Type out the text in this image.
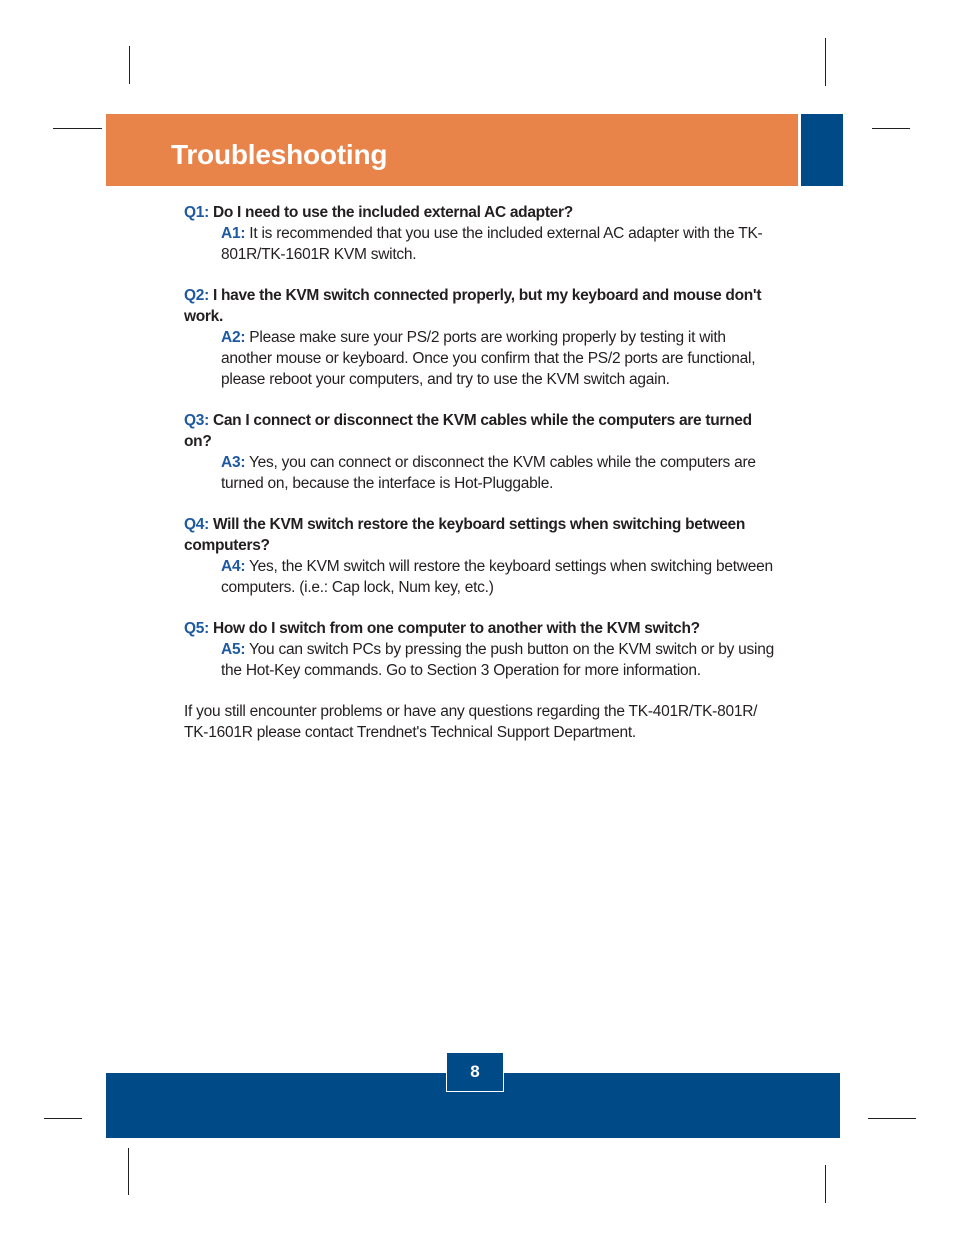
Troubleshooting
Q1: Do I need to use the included external AC adapter?
A1: It is recommended that you use the included external AC adapter with the TK-801R/TK-1601R KVM switch.
Q2: I have the KVM switch connected properly, but my keyboard and mouse don't work.
A2: Please make sure your PS/2 ports are working properly by testing it with another mouse or keyboard. Once you confirm that the PS/2 ports are functional, please reboot your computers, and try to use the KVM switch again.
Q3: Can I connect or disconnect the KVM cables while the computers are turned on?
A3: Yes, you can connect or disconnect the KVM cables while the computers are turned on, because the interface is Hot-Pluggable.
Q4: Will the KVM switch restore the keyboard settings when switching between computers?
A4: Yes, the KVM switch will restore the keyboard settings when switching between computers. (i.e.: Cap lock, Num key, etc.)
Q5: How do I switch from one computer to another with the KVM switch?
A5: You can switch PCs by pressing the push button on the KVM switch or by using the Hot-Key commands. Go to Section 3 Operation for more information.
If you still encounter problems or have any questions regarding the TK-401R/TK-801R/ TK-1601R please contact Trendnet's Technical Support Department.
8
